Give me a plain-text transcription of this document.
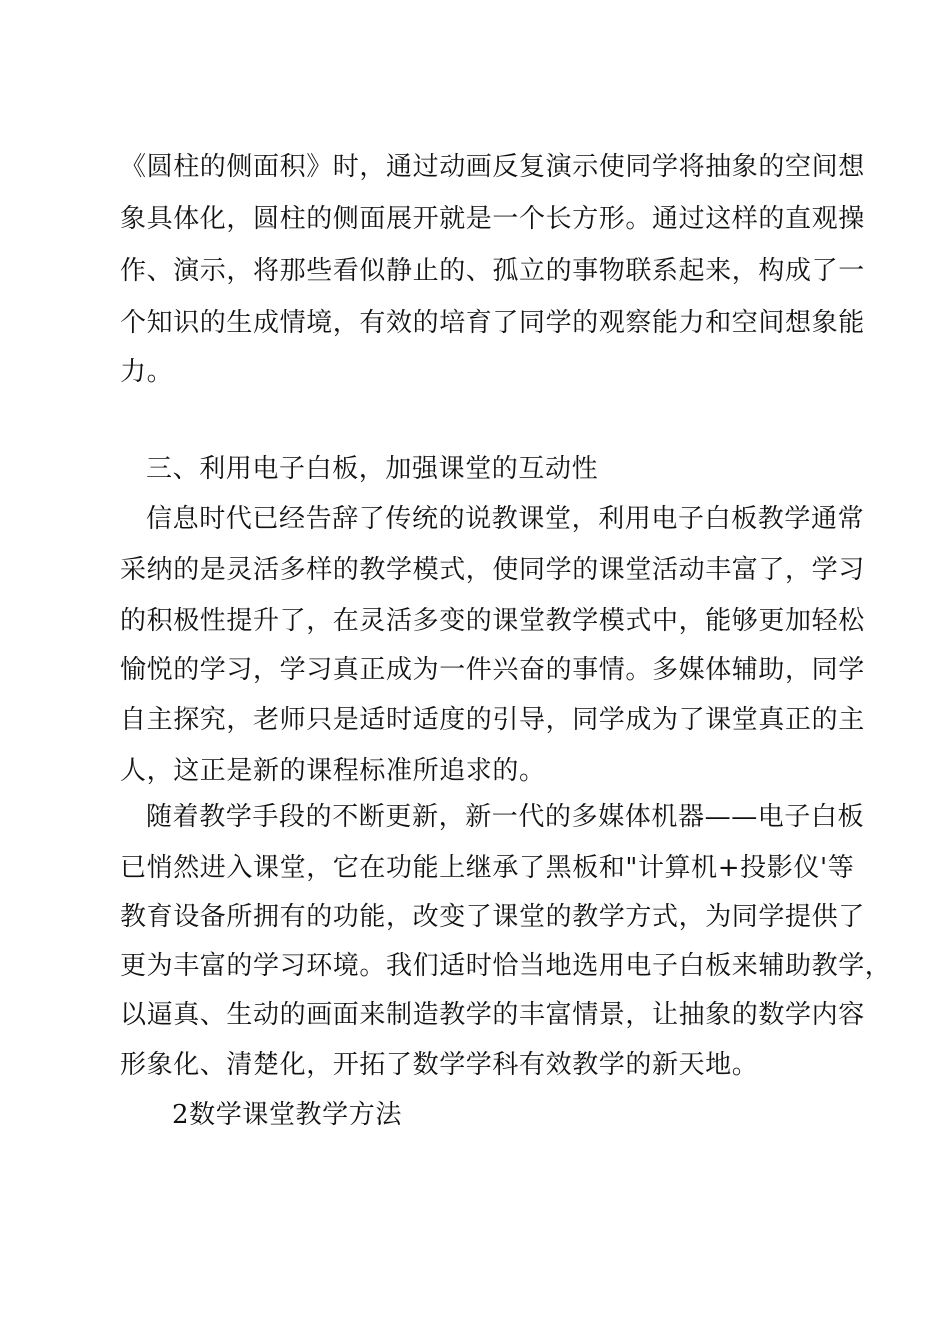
《圆柱的侧面积》时，通过动画反复演示使同学将抽象的空间想
象具体化，圆柱的侧面展开就是一个长方形。通过这样的直观操
作、演示，将那些看似静止的、孤立的事物联系起来，构成了一
个知识的生成情境，有效的培育了同学的观察能力和空间想象能
力。
三、利用电子白板，加强课堂的互动性
信息时代已经告辞了传统的说教课堂，利用电子白板教学通常
采纳的是灵活多样的教学模式，使同学的课堂活动丰富了，学习
的积极性提升了，在灵活多变的课堂教学模式中，能够更加轻松
愉悦的学习，学习真正成为一件兴奋的事情。多媒体辅助，同学
自主探究，老师只是适时适度的引导，同学成为了课堂真正的主
人，这正是新的课程标准所追求的。
随着教学手段的不断更新，新一代的多媒体机器——电子白板
已悄然进入课堂，它在功能上继承了黑板和"计算机+投影仪'等
教育设备所拥有的功能，改变了课堂的教学方式，为同学提供了
更为丰富的学习环境。我们适时恰当地选用电子白板来辅助教学，
以逼真、生动的画面来制造教学的丰富情景，让抽象的数学内容
形象化、清楚化，开拓了数学学科有效教学的新天地。
2数学课堂教学方法
